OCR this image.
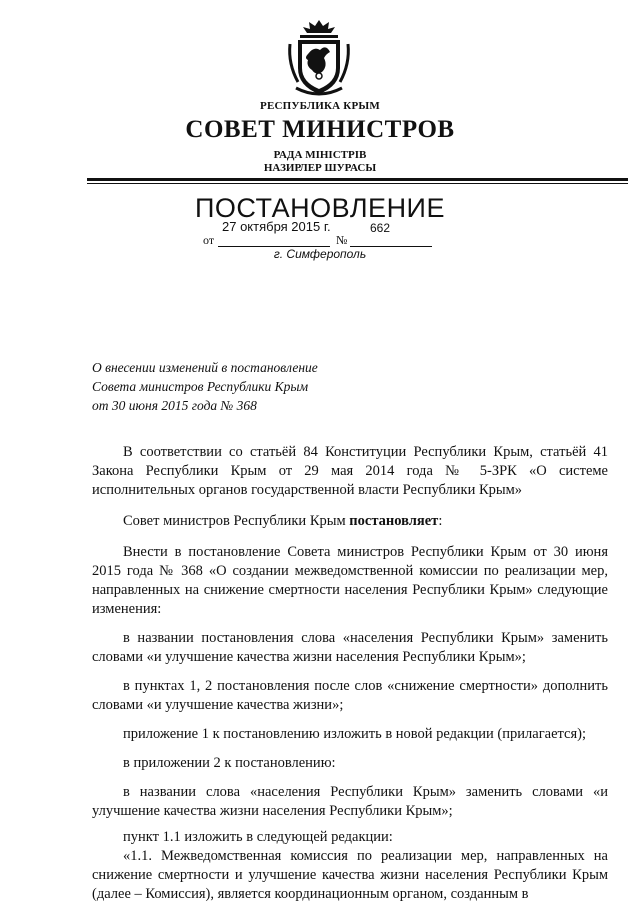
РЕСПУБЛИКА КРЫМ
СОВЕТ МИНИСТРОВ
РАДА МІНІСТРІВ
НАЗИРЛЕР ШУРАСЫ
ПОСТАНОВЛЕНИЕ
27 октября 2015 г.	662
от	№
г. Симферополь
О внесении изменений в постановление
Совета министров Республики Крым
от 30 июня 2015 года № 368

В соответствии со статьёй 84 Конституции Республики Крым, статьёй 41 Закона Республики Крым от 29 мая 2014 года № 5-ЗРК «О системе исполнительных органов государственной власти Республики Крым»

Совет министров Республики Крым постановляет:

Внести в постановление Совета министров Республики Крым от 30 июня 2015 года № 368 «О создании межведомственной комиссии по реализации мер, направленных на снижение смертности населения Республики Крым» следующие изменения:

в названии постановления слова «населения Республики Крым» заменить словами «и улучшение качества жизни населения Республики Крым»;

в пунктах 1, 2 постановления после слов «снижение смертности» дополнить словами «и улучшение качества жизни»;

приложение 1 к постановлению изложить в новой редакции (прилагается);

в приложении 2 к постановлению:

в названии слова «населения Республики Крым» заменить словами «и улучшение качества жизни населения Республики Крым»;

пункт 1.1 изложить в следующей редакции:

«1.1. Межведомственная комиссия по реализации мер, направленных на снижение смертности и улучшение качества жизни населения Республики Крым (далее – Комиссия), является координационным органом, созданным в
